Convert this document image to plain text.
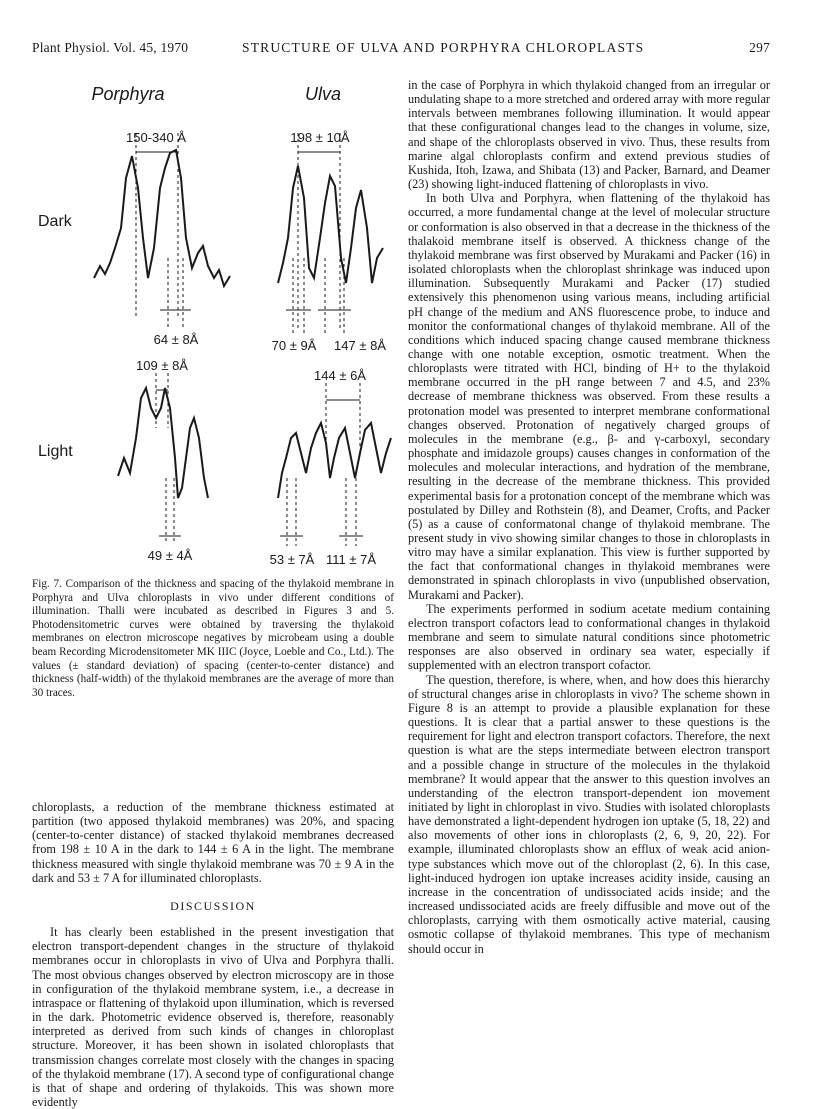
Plant Physiol. Vol. 45, 1970	STRUCTURE OF ULVA AND PORPHYRA CHLOROPLASTS	297
Porphyra	Ulva
Dark
Light
150-340 Å	198 ± 10Å
64 ± 8Å	70 ± 9Å 147 ± 8Å
109 ± 8Å
144 ± 6Å
49 ± 4Å	53 ± 7Å 111 ± 7Å
Fig. 7. Comparison of the thickness and spacing of the thylakoid membrane in Porphyra and Ulva chloroplasts in vivo under different conditions of illumination. Thalli were incubated as described in Figures 3 and 5. Photodensitometric curves were obtained by traversing the thylakoid membranes on electron microscope negatives by microbeam using a double beam Recording Microdensitometer MK IIIC (Joyce, Loeble and Co., Ltd.). The values (± standard deviation) of spacing (center-to-center distance) and thickness (half-width) of the thylakoid membranes are the average of more than 30 traces.

chloroplasts, a reduction of the membrane thickness estimated at partition (two apposed thylakoid membranes) was 20%, and spacing (center-to-center distance) of stacked thylakoid membranes decreased from 198 ± 10 A in the dark to 144 ± 6 A in the light. The membrane thickness measured with single thylakoid membrane was 70 ± 9 A in the dark and 53 ± 7 A for illuminated chloroplasts.

DISCUSSION

It has clearly been established in the present investigation that electron transport-dependent changes in the structure of thylakoid membranes occur in chloroplasts in vivo of Ulva and Porphyra thalli. The most obvious changes observed by electron microscopy are in those in configuration of the thylakoid membrane system, i.e., a decrease in intraspace or flattening of thylakoid upon illumination, which is reversed in the dark. Photometric evidence observed is, therefore, reasonably interpreted as derived from such kinds of changes in chloroplast structure. Moreover, it has been shown in isolated chloroplasts that transmission changes correlate most closely with the changes in spacing of the thylakoid membrane (17). A second type of configurational change is that of shape and ordering of thylakoids. This was shown more evidently

in the case of Porphyra in which thylakoid changed from an irregular or undulating shape to a more stretched and ordered array with more regular intervals between membranes following illumination. It would appear that these configurational changes lead to the changes in volume, size, and shape of the chloroplasts observed in vivo. Thus, these results from marine algal chloroplasts confirm and extend previous studies of Kushida, Itoh, Izawa, and Shibata (13) and Packer, Barnard, and Deamer (23) showing light-induced flattening of chloroplasts in vivo.

In both Ulva and Porphyra, when flattening of the thylakoid has occurred, a more fundamental change at the level of molecular structure or conformation is also observed in that a decrease in the thickness of the thalakoid membrane itself is observed. A thickness change of the thylakoid membrane was first observed by Murakami and Packer (16) in isolated chloroplasts when the chloroplast shrinkage was induced upon illumination. Subsequently Murakami and Packer (17) studied extensively this phenomenon using various means, including artificial pH change of the medium and ANS fluorescence probe, to induce and monitor the conformational changes of thylakoid membrane. All of the conditions which induced spacing change caused membrane thickness change with one notable exception, osmotic treatment. When the chloroplasts were titrated with HCl, binding of H+ to the thylakoid membrane occurred in the pH range between 7 and 4.5, and 23% decrease of membrane thickness was observed. From these results a protonation model was presented to interpret membrane conformational changes observed. Protonation of negatively charged groups of molecules in the membrane (e.g., β- and γ-carboxyl, secondary phosphate and imidazole groups) causes changes in conformation of the molecules and molecular interactions, and hydration of the membrane, resulting in the decrease of the membrane thickness. This provided experimental basis for a protonation concept of the membrane which was postulated by Dilley and Rothstein (8), and Deamer, Crofts, and Packer (5) as a cause of conformatonal change of thylakoid membrane. The present study in vivo showing similar changes to those in chloroplasts in vitro may have a similar explanation. This view is further supported by the fact that conformational changes in thylakoid membranes were demonstrated in spinach chloroplasts in vivo (unpublished observation, Murakami and Packer).

The experiments performed in sodium acetate medium containing electron transport cofactors lead to conformational changes in thylakoid membrane and seem to simulate natural conditions since photometric responses are also observed in ordinary sea water, especially if supplemented with an electron transport cofactor.

The question, therefore, is where, when, and how does this hierarchy of structural changes arise in chloroplasts in vivo? The scheme shown in Figure 8 is an attempt to provide a plausible explanation for these questions. It is clear that a partial answer to these questions is the requirement for light and electron transport cofactors. Therefore, the next question is what are the steps intermediate between electron transport and a possible change in structure of the molecules in the thylakoid membrane? It would appear that the answer to this question involves an understanding of the electron transport-dependent ion movement initiated by light in chloroplast in vivo. Studies with isolated chloroplasts have demonstrated a light-dependent hydrogen ion uptake (5, 18, 22) and also movements of other ions in chloroplasts (2, 6, 9, 20, 22). For example, illuminated chloroplasts show an efflux of weak acid anion-type substances which move out of the chloroplast (2, 6). In this case, light-induced hydrogen ion uptake increases acidity inside, causing an increase in the concentration of undissociated acids inside; and the increased undissociated acids are freely diffusible and move out of the chloroplasts, carrying with them osmotically active material, causing osmotic collapse of thylakoid membranes. This type of mechanism should occur in
